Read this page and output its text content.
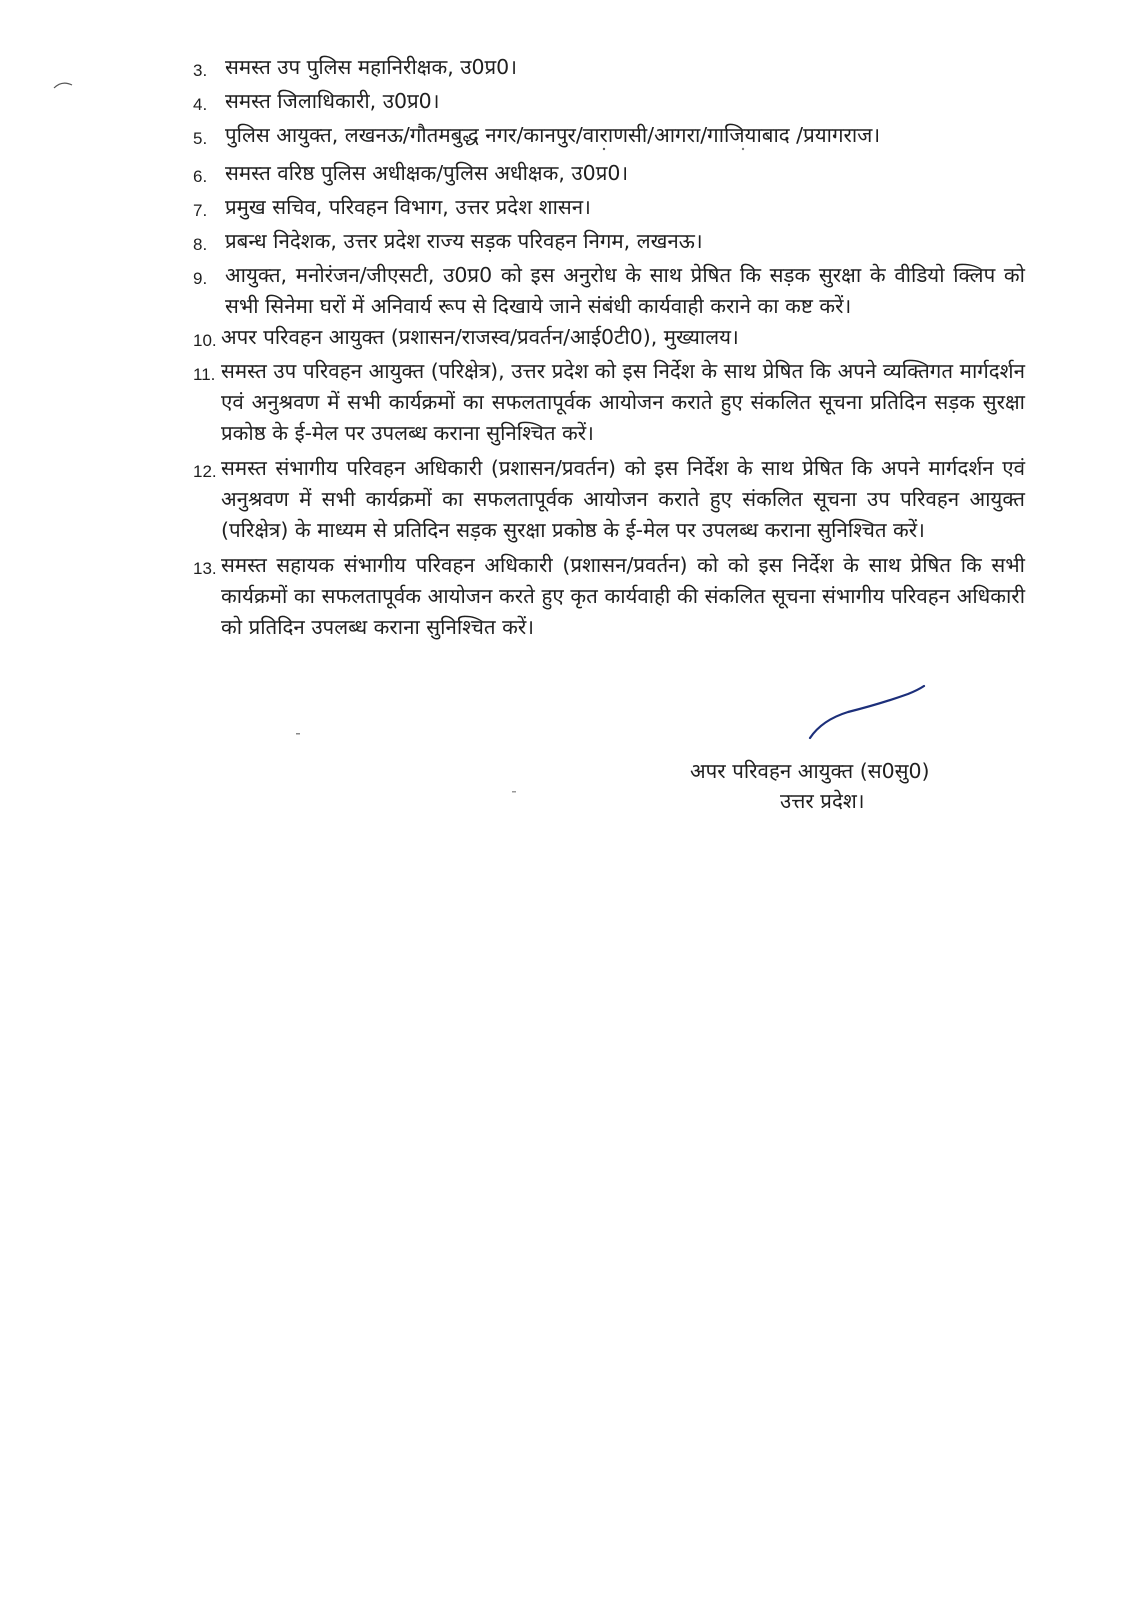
3. समस्त उप पुलिस महानिरीक्षक, उ0प्र0।
4. समस्त जिलाधिकारी, उ0प्र0।
5. पुलिस आयुक्त, लखनऊ/गौतमबुद्ध नगर/कानपुर/वाराणसी/आगरा/गाजियाबाद /प्रयागराज।
6. समस्त वरिष्ठ पुलिस अधीक्षक/पुलिस अधीक्षक, उ0प्र0।
7. प्रमुख सचिव, परिवहन विभाग, उत्तर प्रदेश शासन।
8. प्रबन्ध निदेशक, उत्तर प्रदेश राज्य सड़क परिवहन निगम, लखनऊ।
9. आयुक्त, मनोरंजन/जीएसटी, उ0प्र0 को इस अनुरोध के साथ प्रेषित कि सड़क सुरक्षा के वीडियो क्लिप को सभी सिनेमा घरों में अनिवार्य रूप से दिखाये जाने संबंधी कार्यवाही कराने का कष्ट करें।
10. अपर परिवहन आयुक्त (प्रशासन/राजस्व/प्रवर्तन/आई0टी0), मुख्यालय।
11. समस्त उप परिवहन आयुक्त (परिक्षेत्र), उत्तर प्रदेश को इस निर्देश के साथ प्रेषित कि अपने व्यक्तिगत मार्गदर्शन एवं अनुश्रवण में सभी कार्यक्रमों का सफलतापूर्वक आयोजन कराते हुए संकलित सूचना प्रतिदिन सड़क सुरक्षा प्रकोष्ठ के ई-मेल पर उपलब्ध कराना सुनिश्चित करें।
12. समस्त संभागीय परिवहन अधिकारी (प्रशासन/प्रवर्तन) को इस निर्देश के साथ प्रेषित कि अपने मार्गदर्शन एवं अनुश्रवण में सभी कार्यक्रमों का सफलतापूर्वक आयोजन कराते हुए संकलित सूचना उप परिवहन आयुक्त (परिक्षेत्र) के माध्यम से प्रतिदिन सड़क सुरक्षा प्रकोष्ठ के ई-मेल पर उपलब्ध कराना सुनिश्चित करें।
13. समस्त सहायक संभागीय परिवहन अधिकारी (प्रशासन/प्रवर्तन) को को इस निर्देश के साथ प्रेषित कि सभी कार्यक्रमों का सफलतापूर्वक आयोजन करते हुए कृत कार्यवाही की संकलित सूचना संभागीय परिवहन अधिकारी को प्रतिदिन उपलब्ध कराना सुनिश्चित करें।
अपर परिवहन आयुक्त (स0सु0)
उत्तर प्रदेश।
